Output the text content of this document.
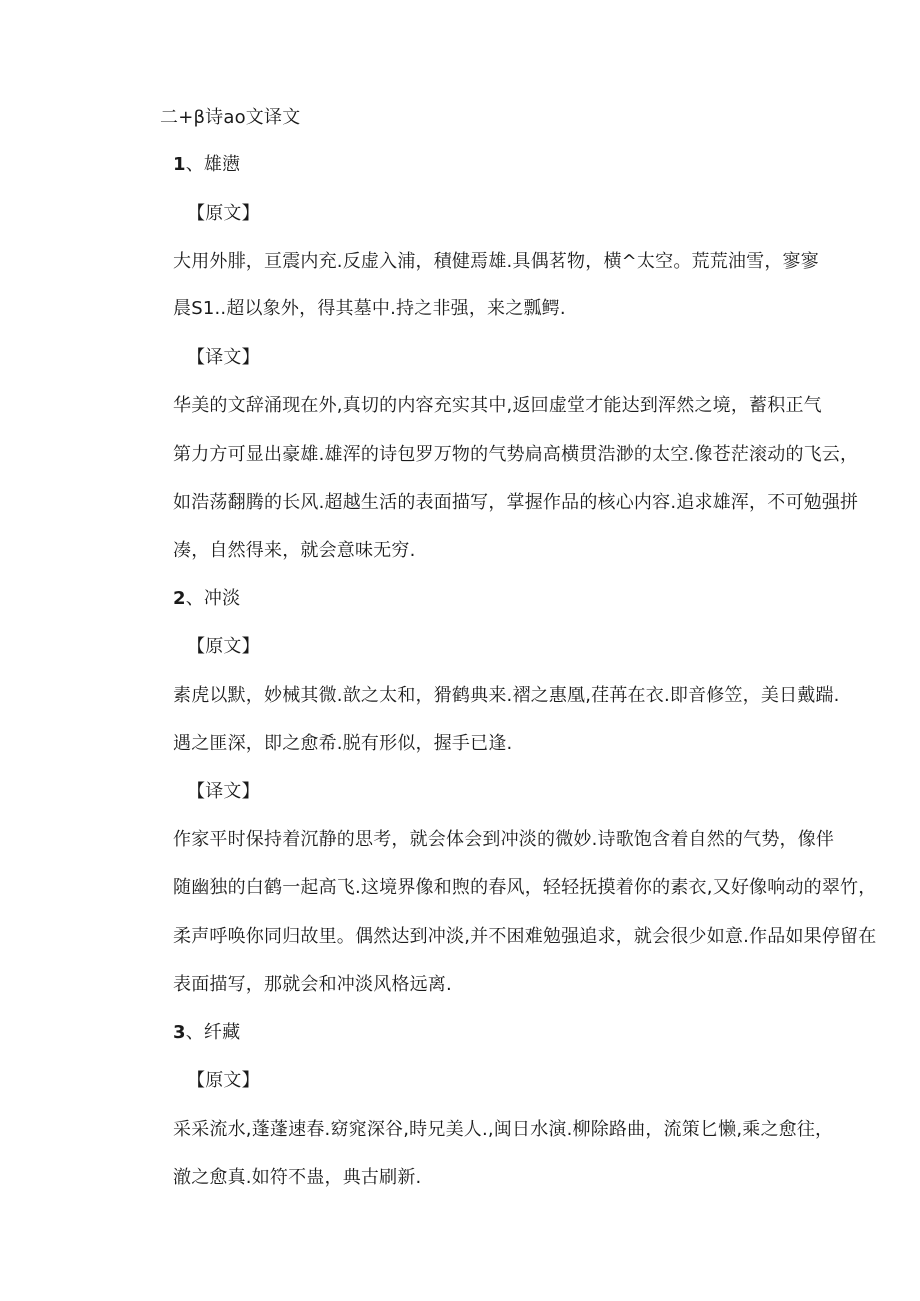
二+β诗ao文译文
1、雄懑
【原文】
大用外腓，亘震内充.反虚入浦，積健焉雄.具偶茗物，横^太空。荒荒油雪，寥寥
晨S1..超以象外，得其墓中.持之非强，来之瓢鳄.
【译文】
华美的文辞涌现在外,真切的内容充实其中,返回虚堂才能达到浑然之境，蓄积正气
第力方可显出豪雄.雄浑的诗包罗万物的气势扃高横贯浩渺的太空.像苍茫滚动的飞云，
如浩荡翻腾的长风.超越生活的表面描写，掌握作品的核心内容.追求雄浑，不可勉强拼
凑，自然得来，就会意味无穷.
2、冲淡
【原文】
素虎以默，妙械其微.歆之太和，猾鹤典来.褶之惠凰,荏苒在衣.即音修笠，美日戴踹.
遇之匪深，即之愈希.脱有形似，握手已逢.
【译文】
作家平时保持着沉静的思考，就会体会到冲淡的微妙.诗歌饱含着自然的气势，像伴
随幽独的白鹤一起高飞.这境界像和煦的春风，轻轻抚摸着你的素衣,又好像响动的翠竹，
柔声呼唤你同归故里。偶然达到冲淡,并不困难勉强追求，就会很少如意.作品如果停留在
表面描写，那就会和冲淡风格远离.
3、纤藏
【原文】
采采流水,蓬蓬速春.窈窕深谷,時兄美人.,闽日水演.柳除路曲，流策匕懒,乘之愈往，
澈之愈真.如符不蛊，典古刷新.
